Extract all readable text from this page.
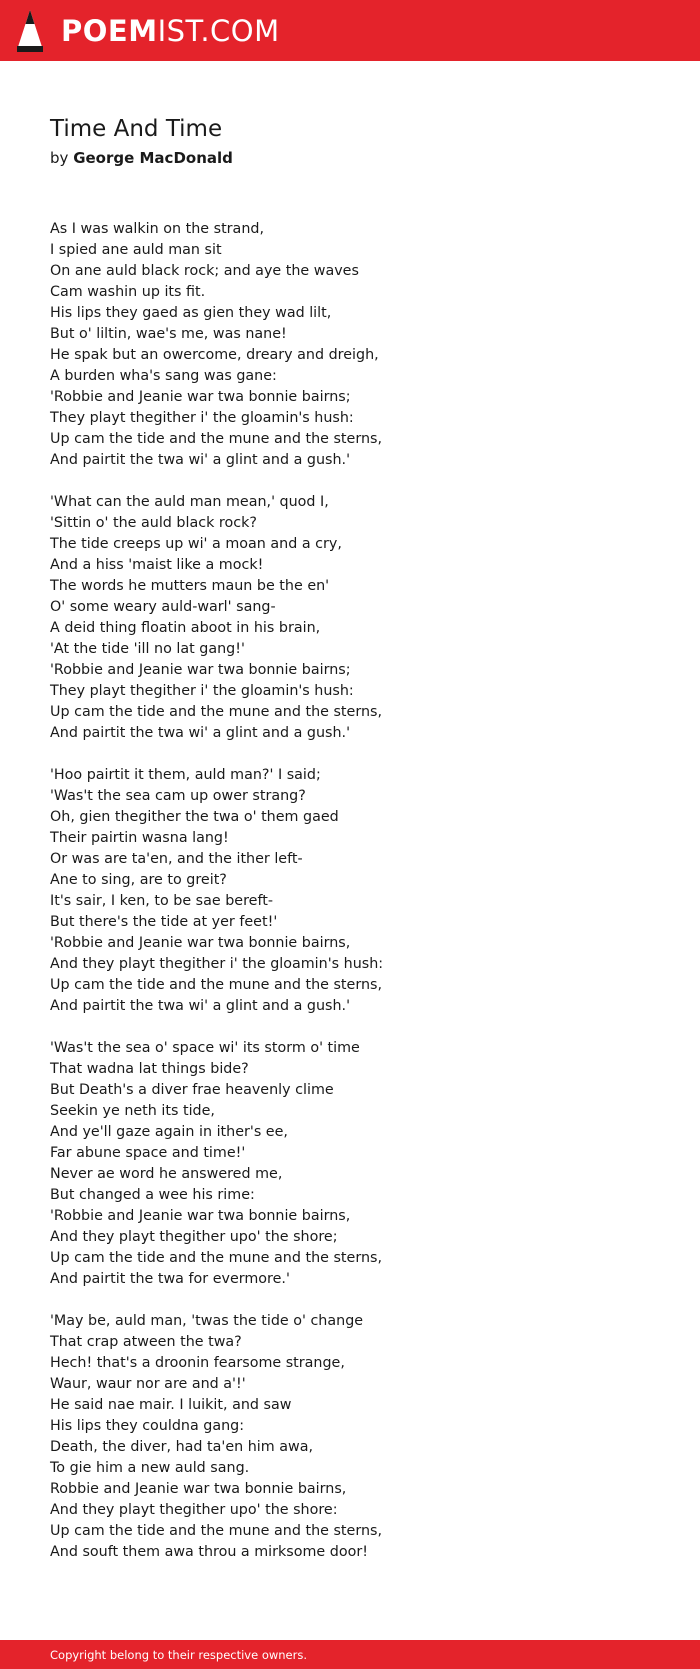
POEMIST.COM
Time And Time
by George MacDonald
As I was walkin on the strand,
I spied ane auld man sit
On ane auld black rock; and aye the waves
Cam washin up its fit.
His lips they gaed as gien they wad lilt,
But o' liltin, wae's me, was nane!
He spak but an owercome, dreary and dreigh,
A burden wha's sang was gane:
'Robbie and Jeanie war twa bonnie bairns;
They playt thegither i' the gloamin's hush:
Up cam the tide and the mune and the sterns,
And pairtit the twa wi' a glint and a gush.'
'What can the auld man mean,' quod I,
'Sittin o' the auld black rock?
The tide creeps up wi' a moan and a cry,
And a hiss 'maist like a mock!
The words he mutters maun be the en'
O' some weary auld-warl' sang-
A deid thing floatin aboot in his brain,
'At the tide 'ill no lat gang!'
'Robbie and Jeanie war twa bonnie bairns;
They playt thegither i' the gloamin's hush:
Up cam the tide and the mune and the sterns,
And pairtit the twa wi' a glint and a gush.'
'Hoo pairtit it them, auld man?' I said;
'Was't the sea cam up ower strang?
Oh, gien thegither the twa o' them gaed
Their pairtin wasna lang!
Or was are ta'en, and the ither left-
Ane to sing, are to greit?
It's sair, I ken, to be sae bereft-
But there's the tide at yer feet!'
'Robbie and Jeanie war twa bonnie bairns,
And they playt thegither i' the gloamin's hush:
Up cam the tide and the mune and the sterns,
And pairtit the twa wi' a glint and a gush.'
'Was't the sea o' space wi' its storm o' time
That wadna lat things bide?
But Death's a diver frae heavenly clime
Seekin ye neth its tide,
And ye'll gaze again in ither's ee,
Far abune space and time!'
Never ae word he answered me,
But changed a wee his rime:
'Robbie and Jeanie war twa bonnie bairns,
And they playt thegither upo' the shore;
Up cam the tide and the mune and the sterns,
And pairtit the twa for evermore.'
'May be, auld man, 'twas the tide o' change
That crap atween the twa?
Hech! that's a droonin fearsome strange,
Waur, waur nor are and a'!'
He said nae mair. I luikit, and saw
His lips they couldna gang:
Death, the diver, had ta'en him awa,
To gie him a new auld sang.
Robbie and Jeanie war twa bonnie bairns,
And they playt thegither upo' the shore:
Up cam the tide and the mune and the sterns,
And souft them awa throu a mirksome door!
Copyright belong to their respective owners.
